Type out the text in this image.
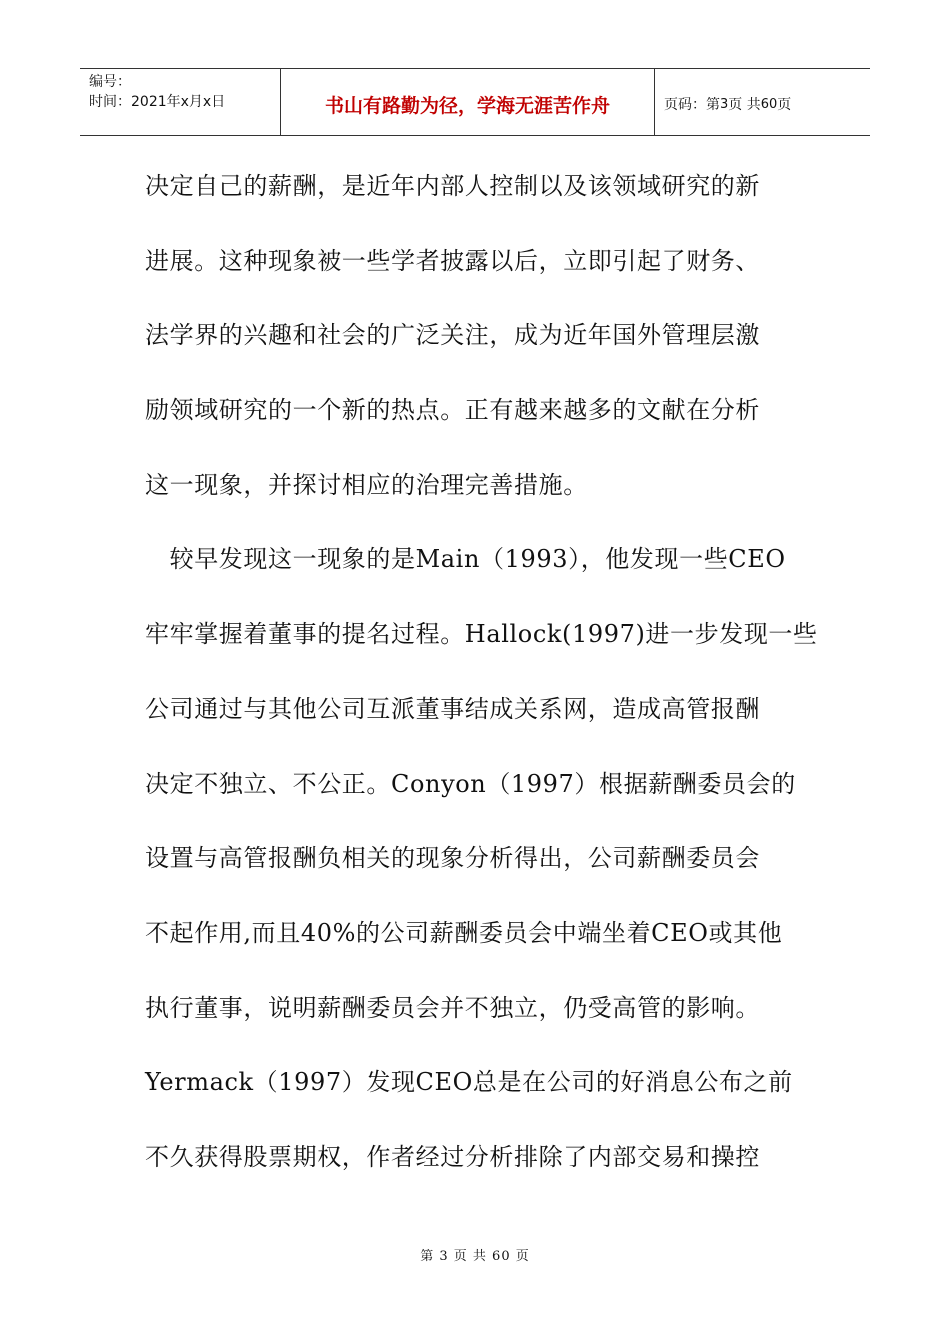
编号：
时间：2021年x月x日	书山有路勤为径，学海无涯苦作舟	页码：第 3 页 共 60 页
决定自己的薪酬，是近年内部人控制以及该领域研究的新
进展。这种现象被一些学者披露以后，立即引起了财务、
法学界的兴趣和社会的广泛关注，成为近年国外管理层激
励领域研究的一个新的热点。正有越来越多的文献在分析
这一现象，并探讨相应的治理完善措施。
　较早发现这一现象的是Main（1993），他发现一些CEO
牢牢掌握着董事的提名过程。Hallock(1997)进一步发现一些
公司通过与其他公司互派董事结成关系网，造成高管报酬
决定不独立、不公正。Conyon（1997）根据薪酬委员会的
设置与高管报酬负相关的现象分析得出，公司薪酬委员会
不起作用,而且40%的公司薪酬委员会中端坐着CEO或其他
执行董事，说明薪酬委员会并不独立，仍受高管的影响。
Yermack（1997）发现CEO总是在公司的好消息公布之前
不久获得股票期权，作者经过分析排除了内部交易和操控
第 3 页 共 60 页
